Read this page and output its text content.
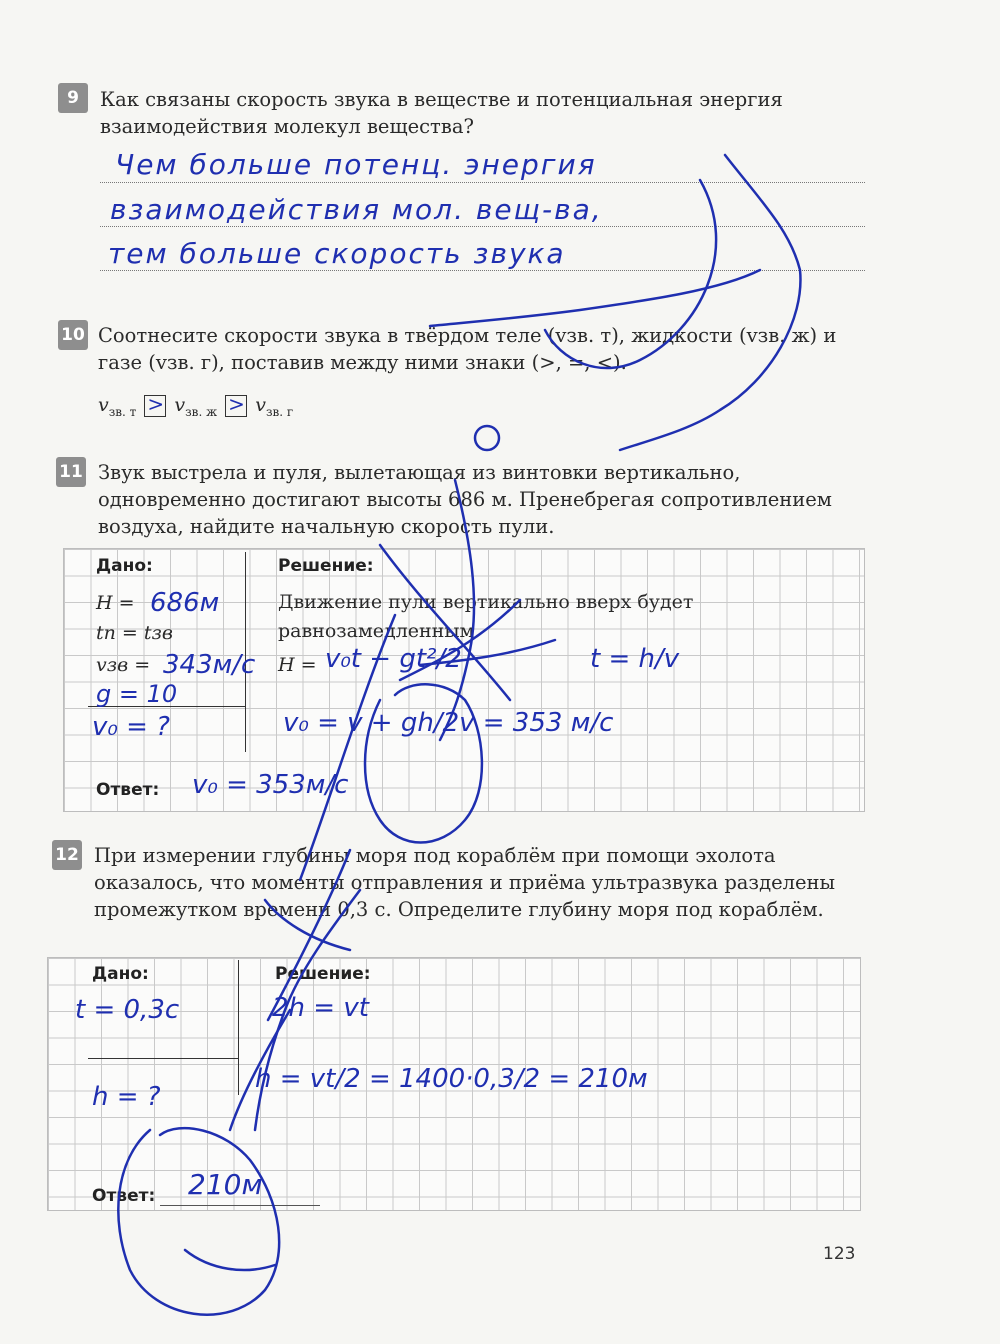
9	Как связаны скорость звука в веществе и потенциальная энергия взаимодействия молекул вещества?
Чем больше потенц. энергия
взаимодействия мол. вещ-ва,
тем больше скорость звука
10 Соотнесите скорости звука в твёрдом теле (vзв. т), жидкости (vзв. ж) и газе (vзв. г), поставив между ними знаки (>, =, <).
$v_{зв. т} > v_{зв. ж} > v_{зв. г}$
11 Звук выстрела и пуля, вылетающая из винтовки вертикально, одновременно достигают высоты 686 м. Пренебрегая сопротивлением воздуха, найдите начальную скорость пули.
Дано:	Решение:
H = 686м
tп = tзв
vзв = 343м/с
g = 10
v₀ = ?
Движение пули вертикально вверх будет равнозамедленным.
H = v₀t − gt²/2	t = h/v
v₀ = v + gh/2v = 353 м/с
Ответ: v₀ = 353м/с
12 При измерении глубины моря под кораблём при помощи эхолота оказалось, что моменты отправления и приёма ультразвука разделены промежутком времени 0,3 с. Определите глубину моря под кораблём.
Дано:	Решение:
t = 0,3с
h = ?
2h = vt
h = vt/2 = 1400·0,3/2 = 210м
Ответ: 210м
123
